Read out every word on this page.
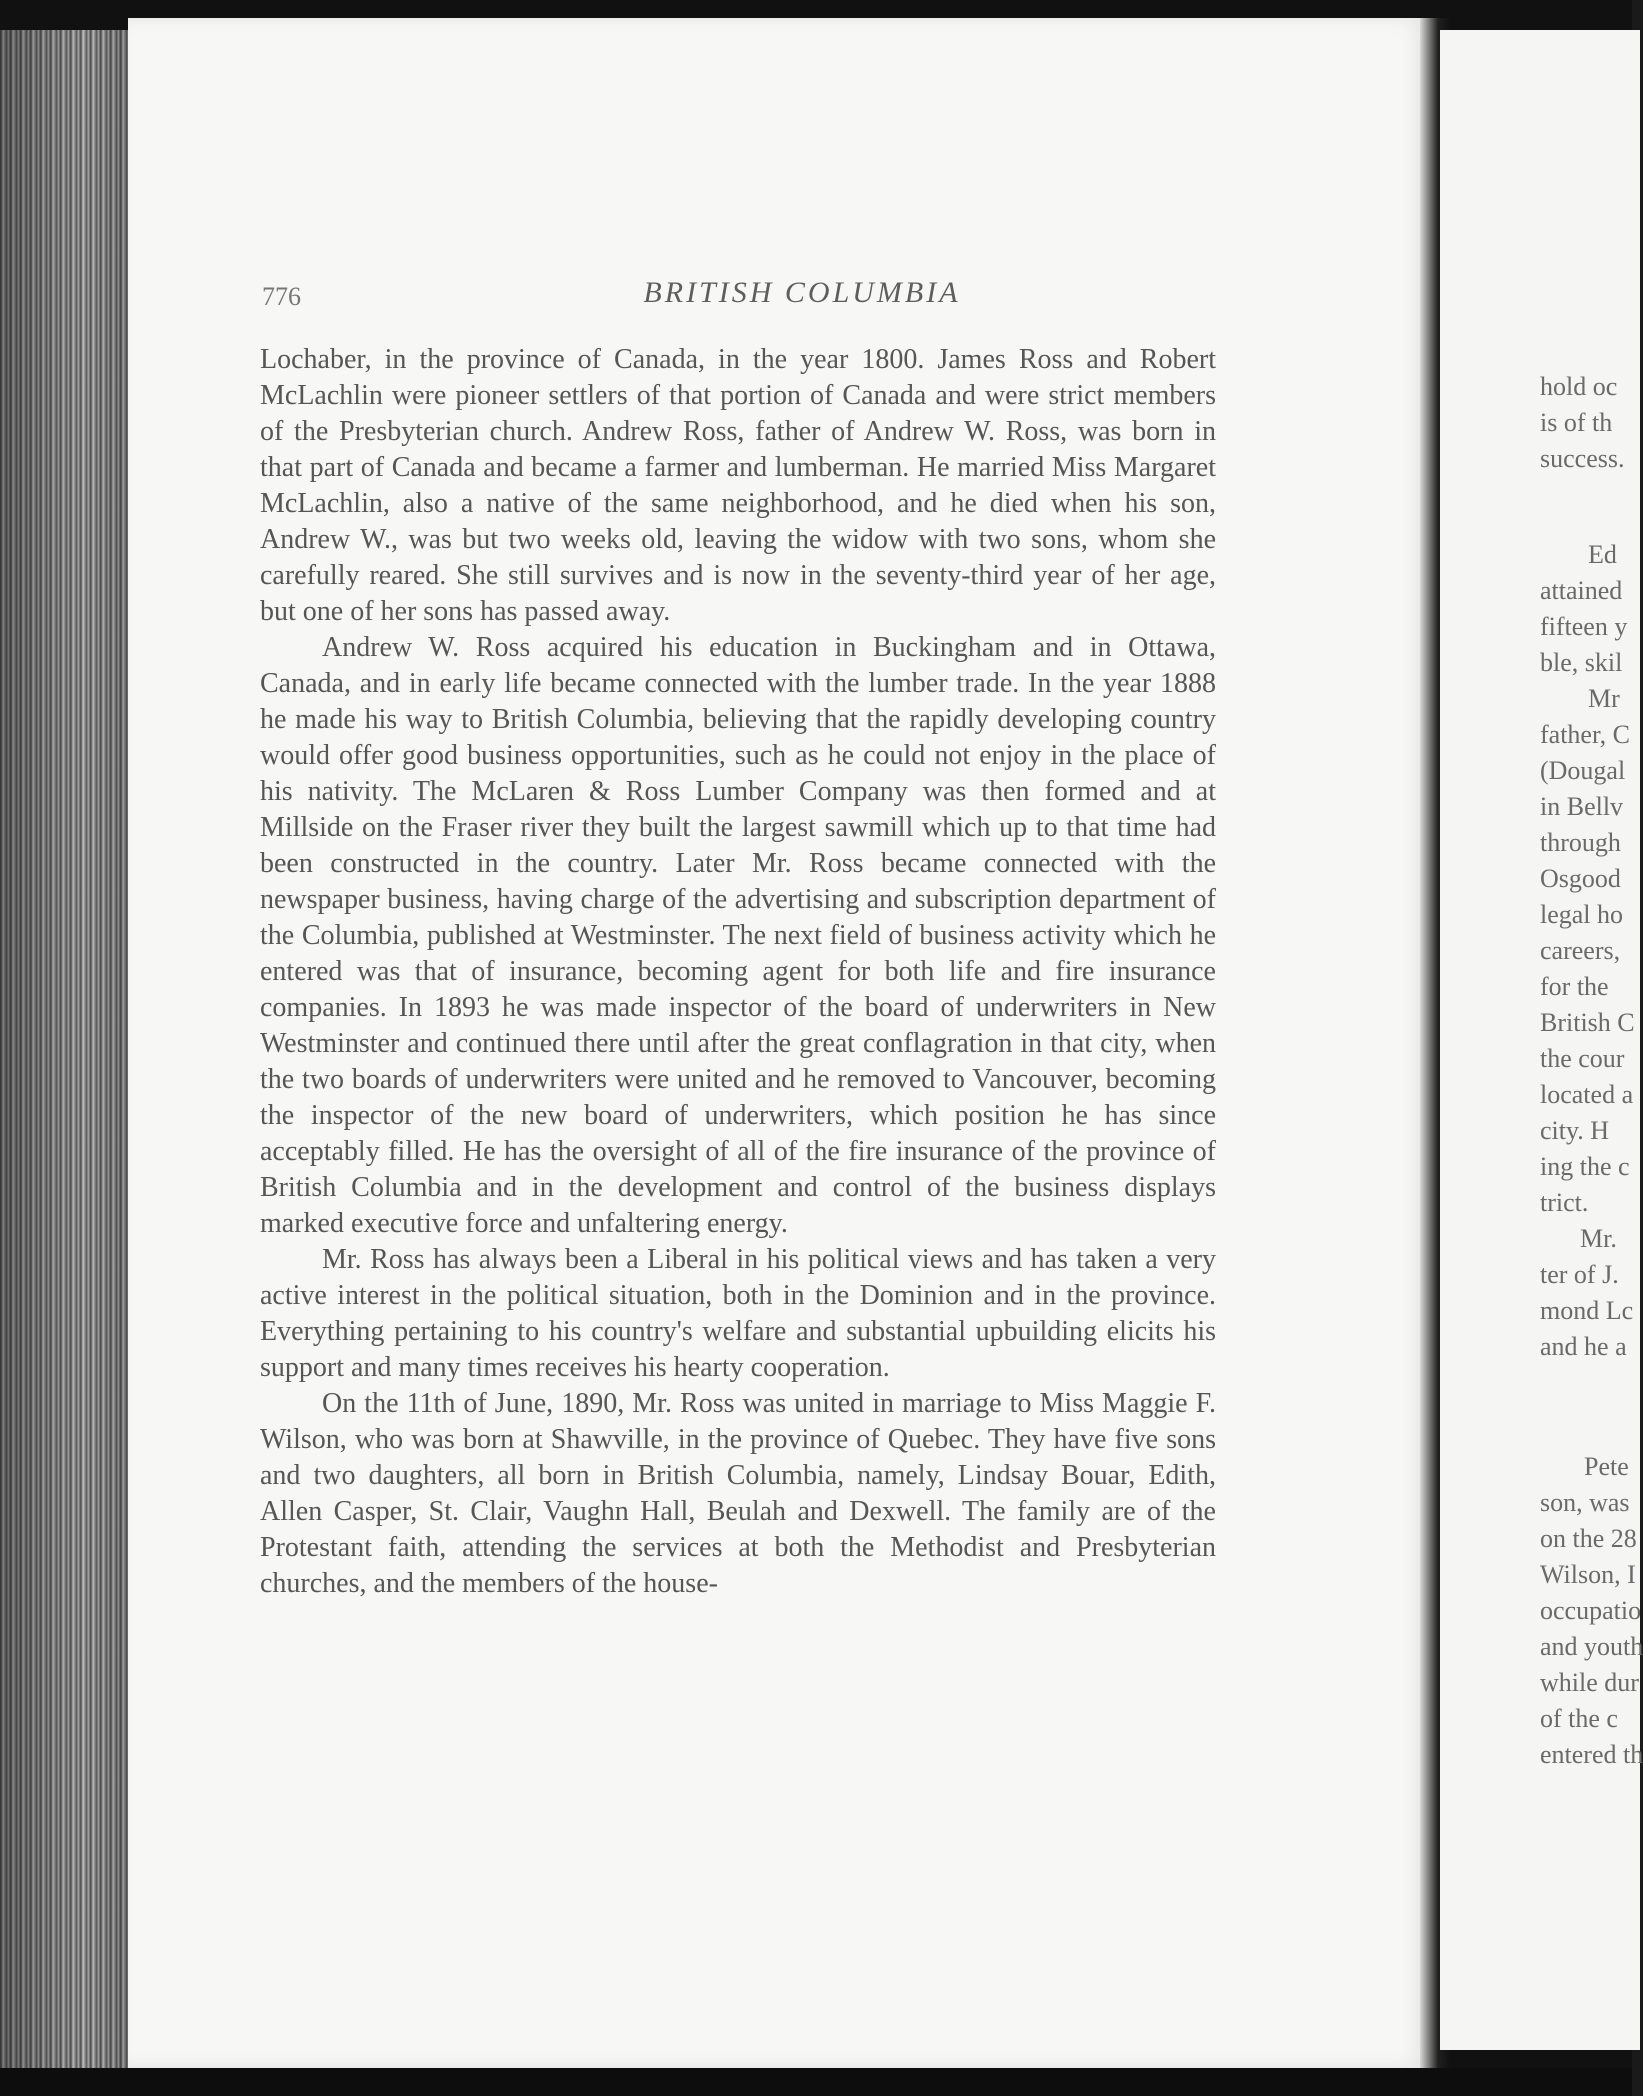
776	BRITISH COLUMBIA

Lochaber, in the province of Canada, in the year 1800. James Ross and Robert McLachlin were pioneer settlers of that portion of Canada and were strict members of the Presbyterian church. Andrew Ross, father of Andrew W. Ross, was born in that part of Canada and became a farmer and lumberman. He married Miss Margaret McLachlin, also a native of the same neighborhood, and he died when his son, Andrew W., was but two weeks old, leaving the widow with two sons, whom she carefully reared. She still survives and is now in the seventy-third year of her age, but one of her sons has passed away.

Andrew W. Ross acquired his education in Buckingham and in Ottawa, Canada, and in early life became connected with the lumber trade. In the year 1888 he made his way to British Columbia, believing that the rapidly developing country would offer good business opportunities, such as he could not enjoy in the place of his nativity. The McLaren & Ross Lumber Company was then formed and at Millside on the Fraser river they built the largest sawmill which up to that time had been constructed in the country. Later Mr. Ross became connected with the newspaper business, having charge of the advertising and subscription department of the Columbia, published at Westminster. The next field of business activity which he entered was that of insurance, becoming agent for both life and fire insurance companies. In 1893 he was made inspector of the board of underwriters in New Westminster and continued there until after the great conflagration in that city, when the two boards of underwriters were united and he removed to Vancouver, becoming the inspector of the new board of underwriters, which position he has since acceptably filled. He has the oversight of all of the fire insurance of the province of British Columbia and in the development and control of the business displays marked executive force and unfaltering energy.

Mr. Ross has always been a Liberal in his political views and has taken a very active interest in the political situation, both in the Dominion and in the province. Everything pertaining to his country's welfare and substantial upbuilding elicits his support and many times receives his hearty cooperation.

On the 11th of June, 1890, Mr. Ross was united in marriage to Miss Maggie F. Wilson, who was born at Shawville, in the province of Quebec. They have five sons and two daughters, all born in British Columbia, namely, Lindsay Bouar, Edith, Allen Casper, St. Clair, Vaughn Hall, Beulah and Dexwell. The family are of the Protestant faith, attending the services at both the Methodist and Presbyterian churches, and the members of the house-

hold oc
is of th
success.
Ed
attained
fifteen y
ble, skil
Mr
father, C
(Dougal
in Bellv
through
Osgood
legal ho
careers,
for the
British C
the cour
located a
city. H
ing the c
trict.
Mr.
ter of J.
mond Lc
and he a
Pete
son, was
on the 28
Wilson, I
occupatio
and youth
while dur
of the c
entered th
